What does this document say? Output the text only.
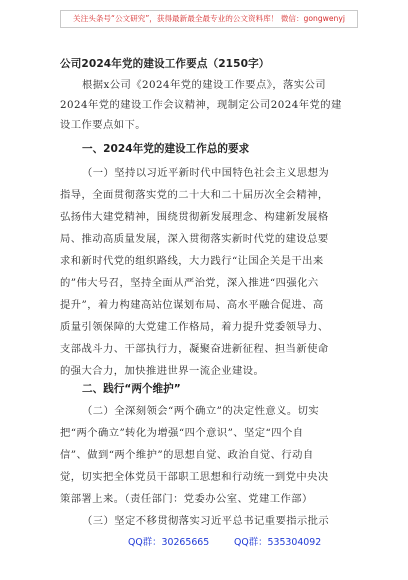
关注头条号“公文研究”，获得最新最全最专业的公文资料库！ 微信：gongwenyj
公司2024年党的建设工作要点（2150字）
根据x公司《2024年党的建设工作要点》，落实公司
2024年党的建设工作会议精神，现制定公司2024年党的建
设工作要点如下。
一、2024年党的建设工作总的要求
（一）坚持以习近平新时代中国特色社会主义思想为
指导，全面贯彻落实党的二十大和二十届历次全会精神，
弘扬伟大建党精神，围绕贯彻新发展理念、构建新发展格
局、推动高质量发展，深入贯彻落实新时代党的建设总要
求和新时代党的组织路线，大力践行“让国企关是干出来
的”伟大号召，坚持全面从严治党，深入推进“四强化六
提升”，着力构建高站位谋划布局、高水平融合促进、高
质量引领保障的大党建工作格局，着力提升党委领导力、
支部战斗力、干部执行力，凝聚奋进新征程、担当新使命
的强大合力，加快推进世界一流企业建设。
二、践行“两个维护”
（二）全深刻领会“两个确立”的决定性意义。切实
把“两个确立”转化为增强“四个意识”、坚定“四个自
信”、做到“两个维护”的思想自觉、政治自觉、行动自
觉，切实把全体党员干部职工思想和行动统一到党中央决
策部署上来。（责任部门：党委办公室、党建工作部）
（三）坚定不移贯彻落实习近平总书记重要指示批示
QQ群：30265665	QQ群：535304092
